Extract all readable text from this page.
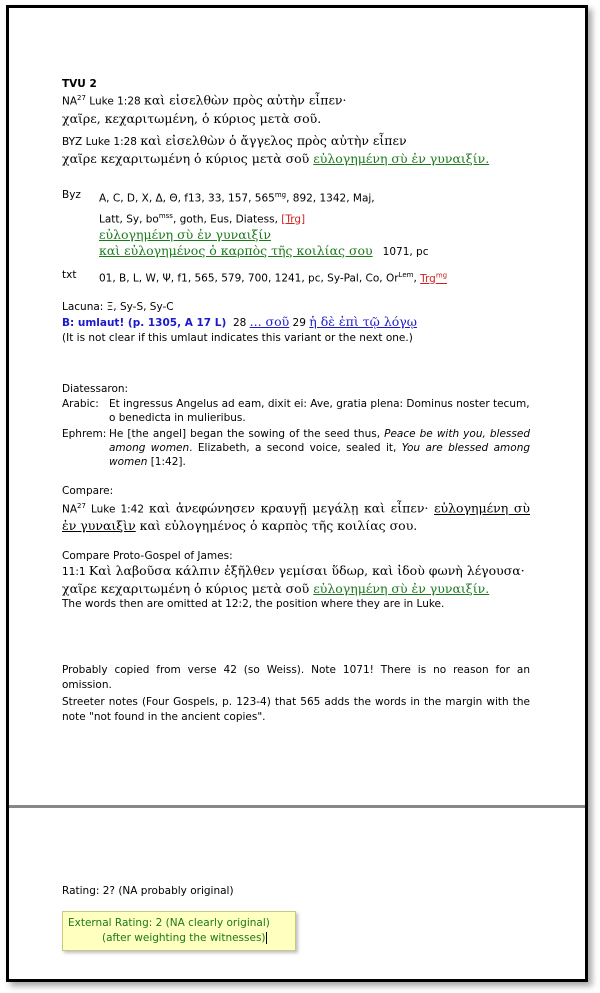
TVU 2

NA$^{27}$ Luke 1:28 καὶ εἰσελθὼν πρὸς αὐτὴν εἶπεν·

χαῖρε, κεχαριτωμένη, ὁ κύριος μετὰ σοῦ.

BYZ Luke 1:28 καὶ εἰσελθὼν ὁ ἄγγελος πρὸς αὐτὴν εἶπεν

χαῖρε κεχαριτωμένη ὁ κύριος μετὰ σοῦ εὐλογημένη σὺ ἐν γυναιξίν.

Byz	A, C, D, X, Δ, Θ, f13, 33, 157, $565^{mg}$, 892, 1342, Maj,

Latt, Sy, $bo^{mss}$, goth, Eus, Diatess, [Trg]

εὐλογημένη σὺ ἐν γυναιξίν

καὶ εὐλογημένος ὁ καρπὸς τῆς κοιλίας σου 1071, pc

txt	01, B, L, W, Ψ, f1, 565, 579, 700, 1241, pc, Sy-Pal, Co, $Or^{Lem}$, Trg$^{mg}$

Lacuna: Ξ, Sy-S, Sy-C

B: umlaut! (p. 1305, A 17 L) 28 ... σοῦ 29 ἡ δὲ ἐπὶ τῷ λόγῳ

(It is not clear if this umlaut indicates this variant or the next one.)

Diatessaron:

Arabic: Et ingressus Angelus ad eam, dixit ei: Ave, gratia plena: Dominus noster tecum, o benedicta in mulieribus.

Ephrem: He [the angel] began the sowing of the seed thus, Peace be with you, blessed among women. Elizabeth, a second voice, sealed it, You are blessed among women [1:42].

Compare:

NA$^{27}$ Luke 1:42 καὶ ἀνεφώνησεν κραυγῇ μεγάλῃ καὶ εἶπεν· εὐλογημένη σὺ ἐν γυναιξὶν καὶ εὐλογημένος ὁ καρπὸς τῆς κοιλίας σου.

Compare Proto-Gospel of James:

11:1 Καὶ λαβοῦσα κάλπιν ἐξῆλθεν γεμίσαι ὕδωρ, καὶ ἰδοὺ φωνὴ λέγουσα·

χαῖρε κεχαριτωμένη ὁ κύριος μετὰ σοῦ εὐλογημένη σὺ ἐν γυναιξίν.

The words then are omitted at 12:2, the position where they are in Luke.

Probably copied from verse 42 (so Weiss). Note 1071! There is no reason for an omission.

Streeter notes (Four Gospels, p. 123-4) that 565 adds the words in the margin with the note "not found in the ancient copies".

Rating: 2? (NA probably original)

External Rating: 2 (NA clearly original)
(after weighting the witnesses)
